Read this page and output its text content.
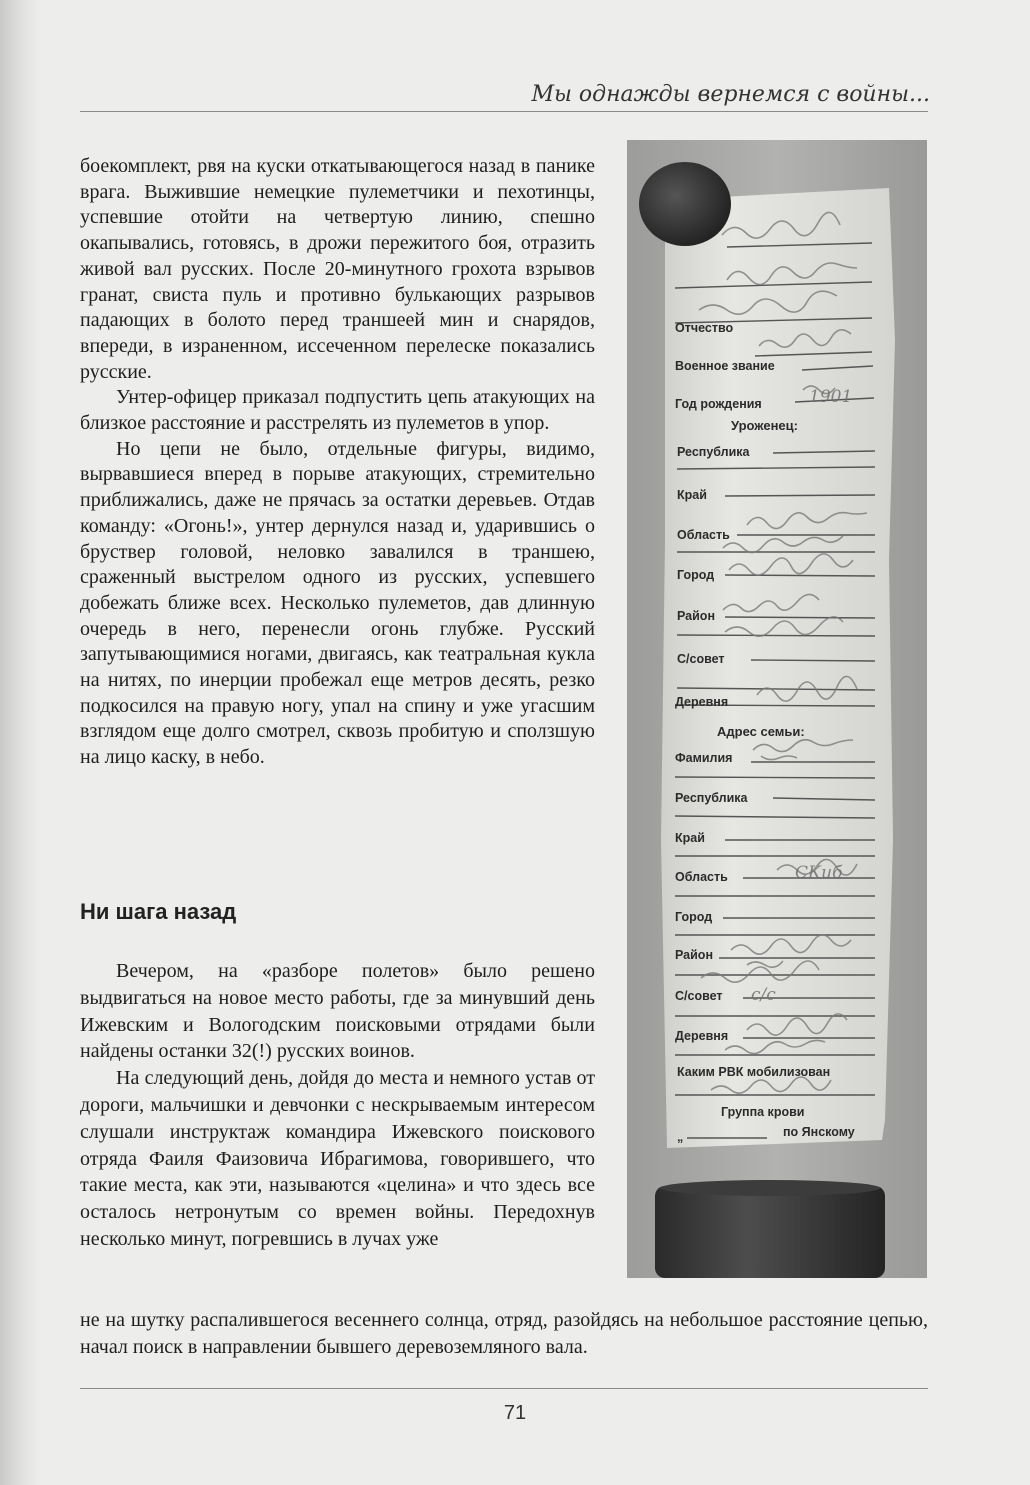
Мы однажды вернемся с войны...

боекомплект, рвя на куски откатывающегося назад в панике врага. Выжившие немецкие пулеметчики и пехотинцы, успевшие отойти на четвертую линию, спешно окапывались, готовясь, в дрожи пережитого боя, отразить живой вал русских. После 20-минутного грохота взрывов гранат, свиста пуль и противно булькающих разрывов падающих в болото перед траншеей мин и снарядов, впереди, в израненном, иссеченном перелеске показались русские.

Унтер-офицер приказал подпустить цепь атакующих на близкое расстояние и расстрелять из пулеметов в упор.

Но цепи не было, отдельные фигуры, видимо, вырвавшиеся вперед в порыве атакующих, стремительно приближались, даже не прячась за остатки деревьев. Отдав команду: «Огонь!», унтер дернулся назад и, ударившись о бруствер головой, неловко завалился в траншею, сраженный выстрелом одного из русских, успевшего добежать ближе всех. Несколько пулеметов, дав длинную очередь в него, перенесли огонь глубже. Русский запутывающимися ногами, двигаясь, как театральная кукла на нитях, по инерции пробежал еще метров десять, резко подкосился на правую ногу, упал на спину и уже угасшим взглядом еще долго смотрел, сквозь пробитую и сползшую на лицо каску, в небо.

Ни шага назад

Вечером, на «разборе полетов» было решено выдвигаться на новое место работы, где за минувший день Ижевским и Вологодским поисковыми отрядами были найдены останки 32(!) русских воинов.

На следующий день, дойдя до места и немного устав от дороги, мальчишки и девчонки с нескрываемым интересом слушали инструктаж командира Ижевского поискового отряда Фаиля Фаизовича Ибрагимова, говорившего, что такие места, как эти, называются «целина» и что здесь все осталось нетронутым со времен войны. Передохнув несколько минут, погревшись в лучах уже

не на шутку распалившегося весеннего солнца, отряд, разойдясь на небольшое расстояние цепью, начал поиск в направлении бывшего деревоземляного вала.

71
Отчество
Военное звание
Год рождения
Уроженец:
Республика
Край
Область
Город
Район
С/совет
Деревня
Адрес семьи:
Фамилия
Республика
Край
Область
Город
Район
С/совет
Деревня
Каким РВК мобилизован
Группа крови
„	по Янскому
1901
СКиб
с/с
